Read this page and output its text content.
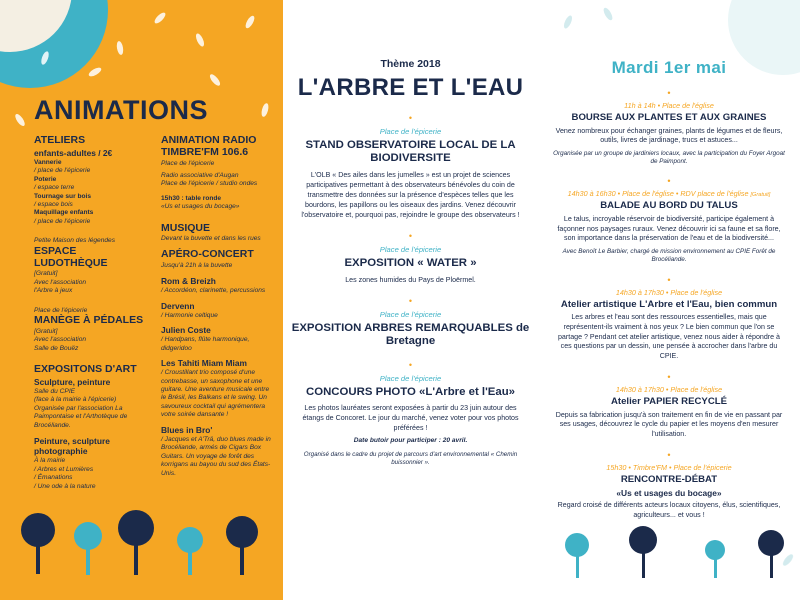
ANIMATIONS
ATELIERS
enfants-adultes / 2€

Vannerie

/ place de l'épicerie

Poterie

/ espace terre

Tournage sur bois

/ espace bois

Maquillage enfants

/ place de l'épicerie

Petite Maison des légendes

ESPACE LUDOTHÈQUE

[Gratuit]

Avec l'association

l'Arbre à jeux

Place de l'épicerie

MANÈGE À PÉDALES

[Gratuit]

Avec l'association

Salle de Bouëz

EXPOSITONS D'ART
Sculpture, peinture

Salle du CPIE

(face à la mairie à l'épicerie)

Organisée par l'association La Paimpontaise et l'Arthotèque de Brocéliande.

Peinture, sculpture photographie

À la mairie

/ Arbres et Lumières

/ Émanations

/ Une ode à la nature

ANIMATION RADIO TIMBRE'FM 106.6

Place de l'épicerie

Radio associative d'Augan

Place de l'épicerie / studio ondes

15h30 : table ronde

«Us et usages du bocage»

MUSIQUE

Devant la buvette et dans les rues

APÉRO-CONCERT

Jusqu'à 21h à la buvette

Rom & Breizh

/ Accordéon, clarinette, percussions

Dervenn

/ Harmonie celtique

Julien Coste

/ Handpans, flûte harmonique, didgeridoo

Les Tahiti Miam Miam

/ Croustillant trio composé d'une contrebasse, un saxophone et une guitare. Une aventure musicale entre le Brésil, les Balkans et le swing. Un savoureux cocktail qui agrémentera votre soirée dansante !

Blues in Bro'

/ Jacques et A'Trä, duo blues made in Brocéliande, armés de Cigars Box Guitars. Un voyage de forêt des korrigans au bayou du sud des États-Unis.

Thème 2018
L'ARBRE ET L'EAU
•
Place de l'épicerie
STAND OBSERVATOIRE LOCAL DE LA BIODIVERSITE
L'OLB « Des ailes dans les jumelles » est un projet de sciences participatives permettant à des observateurs bénévoles du coin de transmettre des données sur la présence d'espèces telles que les bourdons, les papillons ou les oiseaux des jardins. Venez découvrir l'observatoire et, pourquoi pas, rejoindre le groupe des observateurs !
•
Place de l'épicerie
EXPOSITION « WATER »
Les zones humides du Pays de Ploërmel.
•
Place de l'épicerie
EXPOSITION ARBRES REMARQUABLES de Bretagne
•
Place de l'épicerie
CONCOURS PHOTO «L'Arbre et l'Eau»
Les photos lauréates seront exposées à partir du 23 juin autour des étangs de Concoret. Le jour du marché, venez voter pour vos photos préférées !
Date butoir pour participer : 20 avril.
Organisé dans le cadre du projet de parcours d'art environnemental « Chemin buissonnier ».
Mardi 1er mai
•
11h à 14h • Place de l'église
BOURSE AUX PLANTES ET AUX GRAINES
Venez nombreux pour échanger graines, plants de légumes et de fleurs, outils, livres de jardinage, trucs et astuces...
Organisée par un groupe de jardiniers locaux, avec la participation du Foyer Argoat de Paimpont.
•
14h30 à 16h30 • Place de l'église • RDV place de l'église [Gratuit]
BALADE AU BORD DU TALUS
Le talus, incroyable réservoir de biodiversité, participe également à façonner nos paysages ruraux. Venez découvrir ici sa faune et sa flore, son importance dans la préservation de l'eau et de la biodiversité...
Avec Benoît Le Barbier, chargé de mission environnement au CPIE Forêt de Brocéliande.
•
14h30 à 17h30 • Place de l'église
Atelier artistique L'Arbre et l'Eau, bien commun
Les arbres et l'eau sont des ressources essentielles, mais que représentent-ils vraiment à nos yeux ? Le bien commun que l'on se partage ? Pendant cet atelier artistique, venez nous aider à répondre à ces questions par un dessin, une pensée à accrocher dans l'arbre du CPIE.
•
14h30 à 17h30 • Place de l'église
Atelier PAPIER RECYCLÉ
Depuis sa fabrication jusqu'à son traitement en fin de vie en passant par ses usages, découvrez le cycle du papier et les moyens d'en mesurer l'utilisation.
•
15h30 • Timbre'FM • Place de l'épicerie
RENCONTRE-DÉBAT
«Us et usages du bocage»
Regard croisé de différents acteurs locaux citoyens, élus, scientifiques, agriculteurs... et vous !
